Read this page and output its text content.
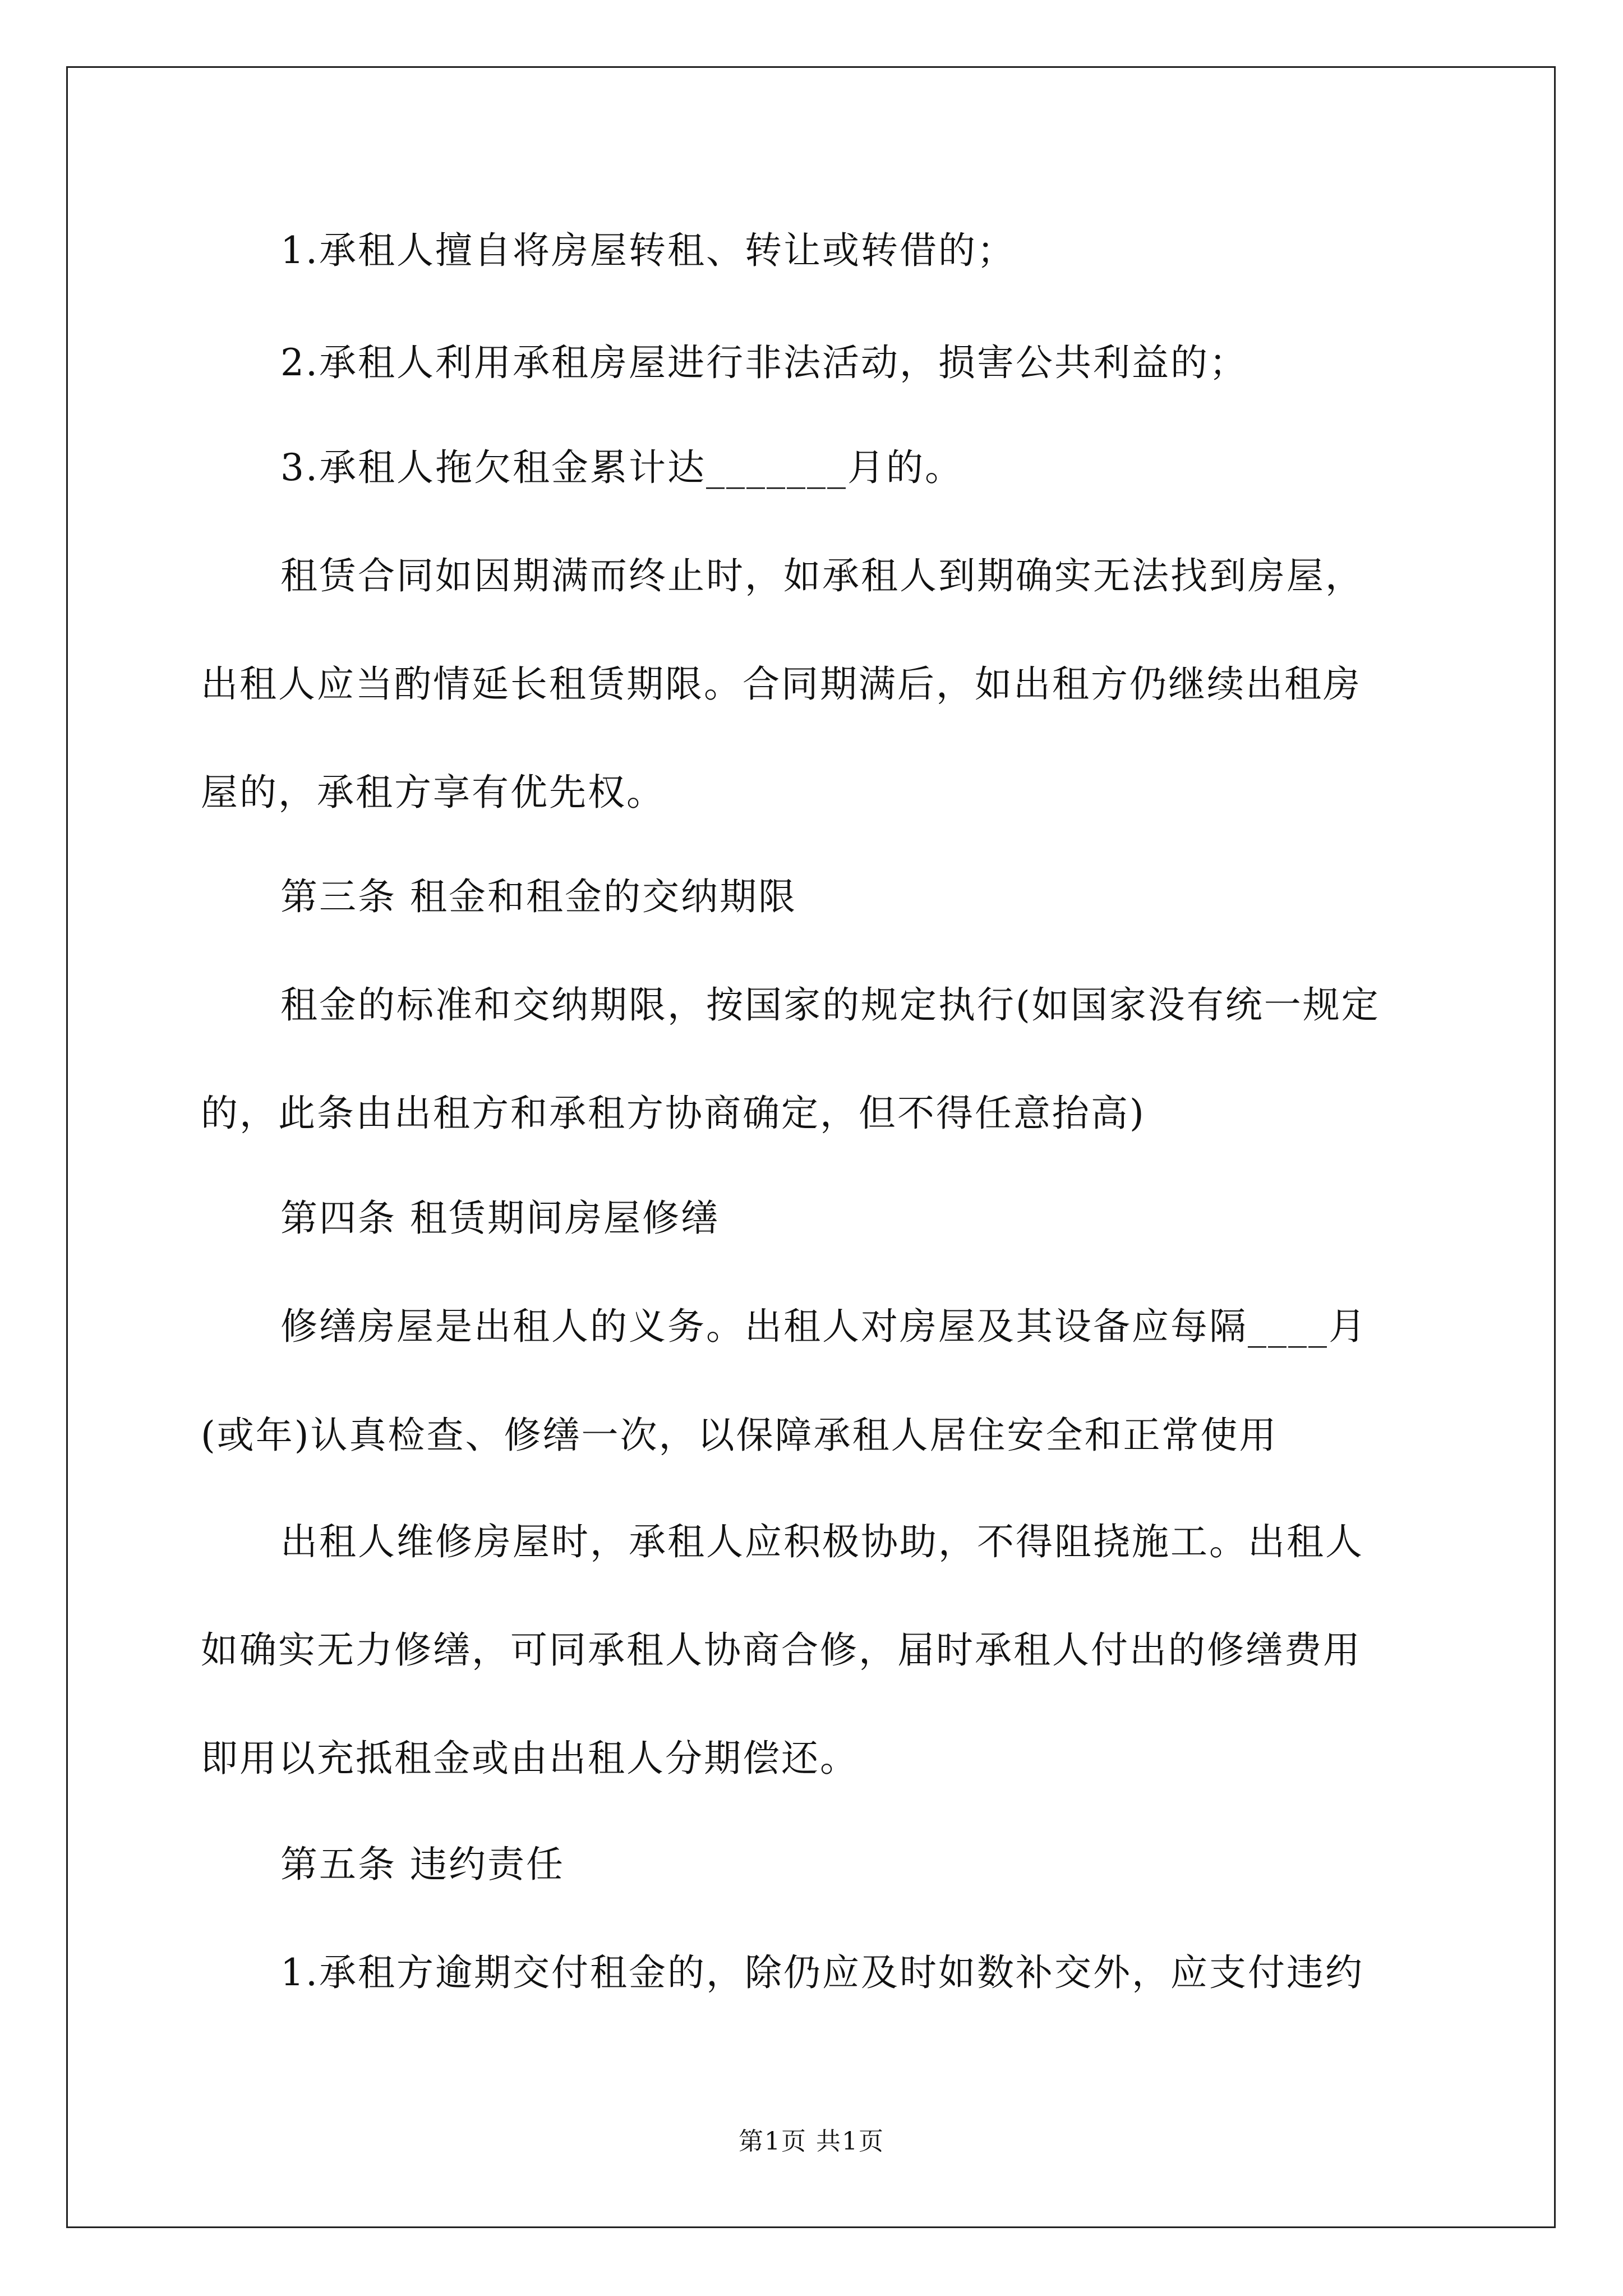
1.承租人擅自将房屋转租、转让或转借的；

2.承租人利用承租房屋进行非法活动，损害公共利益的；

3.承租人拖欠租金累计达_______月的。

租赁合同如因期满而终止时，如承租人到期确实无法找到房屋，

出租人应当酌情延长租赁期限。合同期满后，如出租方仍继续出租房

屋的，承租方享有优先权。

第三条 租金和租金的交纳期限

租金的标准和交纳期限，按国家的规定执行(如国家没有统一规定

的，此条由出租方和承租方协商确定，但不得任意抬高)

第四条 租赁期间房屋修缮

修缮房屋是出租人的义务。出租人对房屋及其设备应每隔____月

(或年)认真检查、修缮一次，以保障承租人居住安全和正常使用

出租人维修房屋时，承租人应积极协助，不得阻挠施工。出租人

如确实无力修缮，可同承租人协商合修，届时承租人付出的修缮费用

即用以充抵租金或由出租人分期偿还。

第五条 违约责任

1.承租方逾期交付租金的，除仍应及时如数补交外，应支付违约

第1页 共1页
